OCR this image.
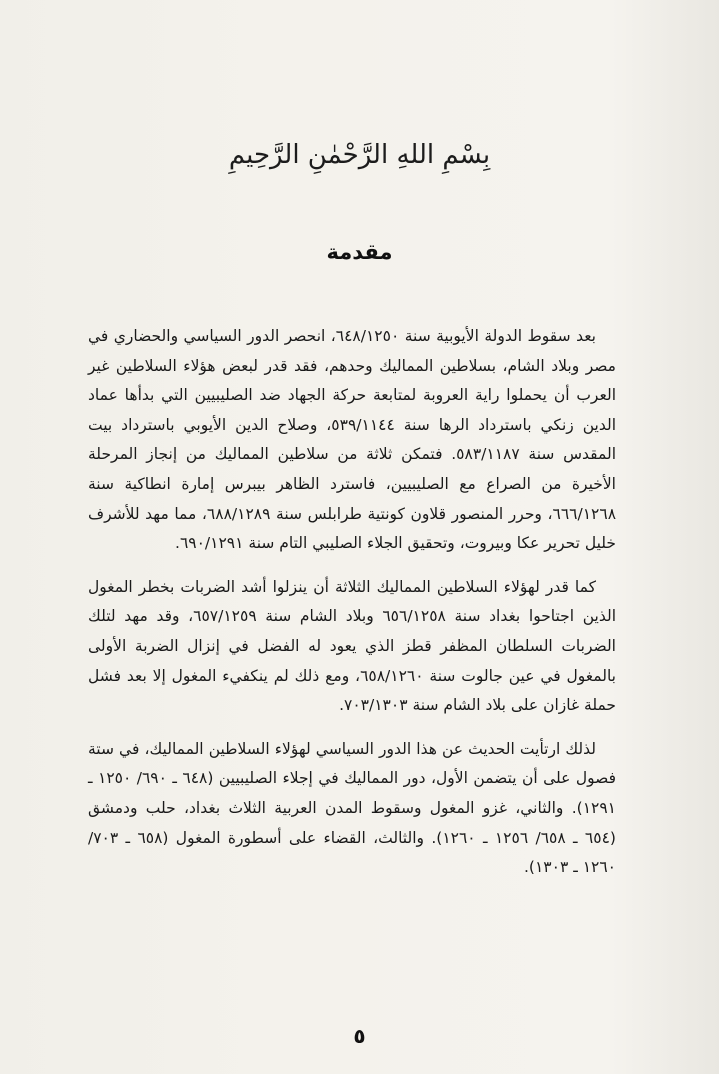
بِسْمِ اللهِ الرَّحْمٰنِ الرَّحِيمِ
مقدمة

بعد سقوط الدولة الأيوبية سنة ٦٤٨/١٢٥٠، انحصر الدور السياسي والحضاري في مصر وبلاد الشام، بسلاطين المماليك وحدهم، فقد قدر لبعض هؤلاء السلاطين غير العرب أن يحملوا راية العروبة لمتابعة حركة الجهاد ضد الصليبيين التي بدأها عماد الدين زنكي باسترداد الرها سنة ٥٣٩/١١٤٤، وصلاح الدين الأيوبي باسترداد بيت المقدس سنة ٥٨٣/١١٨٧. فتمكن ثلاثة من سلاطين المماليك من إنجاز المرحلة الأخيرة من الصراع مع الصليبيين، فاسترد الظاهر بيبرس إمارة انطاكية سنة ٦٦٦/١٢٦٨، وحرر المنصور قلاون كونتية طرابلس سنة ٦٨٨/١٢٨٩، مما مهد للأشرف خليل تحرير عكا وبيروت، وتحقيق الجلاء الصليبي التام سنة ٦٩٠/١٢٩١.

كما قدر لهؤلاء السلاطين المماليك الثلاثة أن ينزلوا أشد الضربات بخطر المغول الذين اجتاحوا بغداد سنة ٦٥٦/١٢٥٨ وبلاد الشام سنة ٦٥٧/١٢٥٩، وقد مهد لتلك الضربات السلطان المظفر قطز الذي يعود له الفضل في إنزال الضربة الأولى بالمغول في عين جالوت سنة ٦٥٨/١٢٦٠، ومع ذلك لم ينكفيء المغول إلا بعد فشل حملة غازان على بلاد الشام سنة ٧٠٣/١٣٠٣.

لذلك ارتأيت الحديث عن هذا الدور السياسي لهؤلاء السلاطين المماليك، في ستة فصول على أن يتضمن الأول، دور المماليك في إجلاء الصليبيين (٦٤٨ ـ ٦٩٠/ ١٢٥٠ ـ ١٢٩١). والثاني، غزو المغول وسقوط المدن العربية الثلاث بغداد، حلب ودمشق (٦٥٤ ـ ٦٥٨/ ١٢٥٦ ـ ١٢٦٠). والثالث، القضاء على أسطورة المغول (٦٥٨ ـ ٧٠٣/ ١٢٦٠ ـ ١٣٠٣).

٥
